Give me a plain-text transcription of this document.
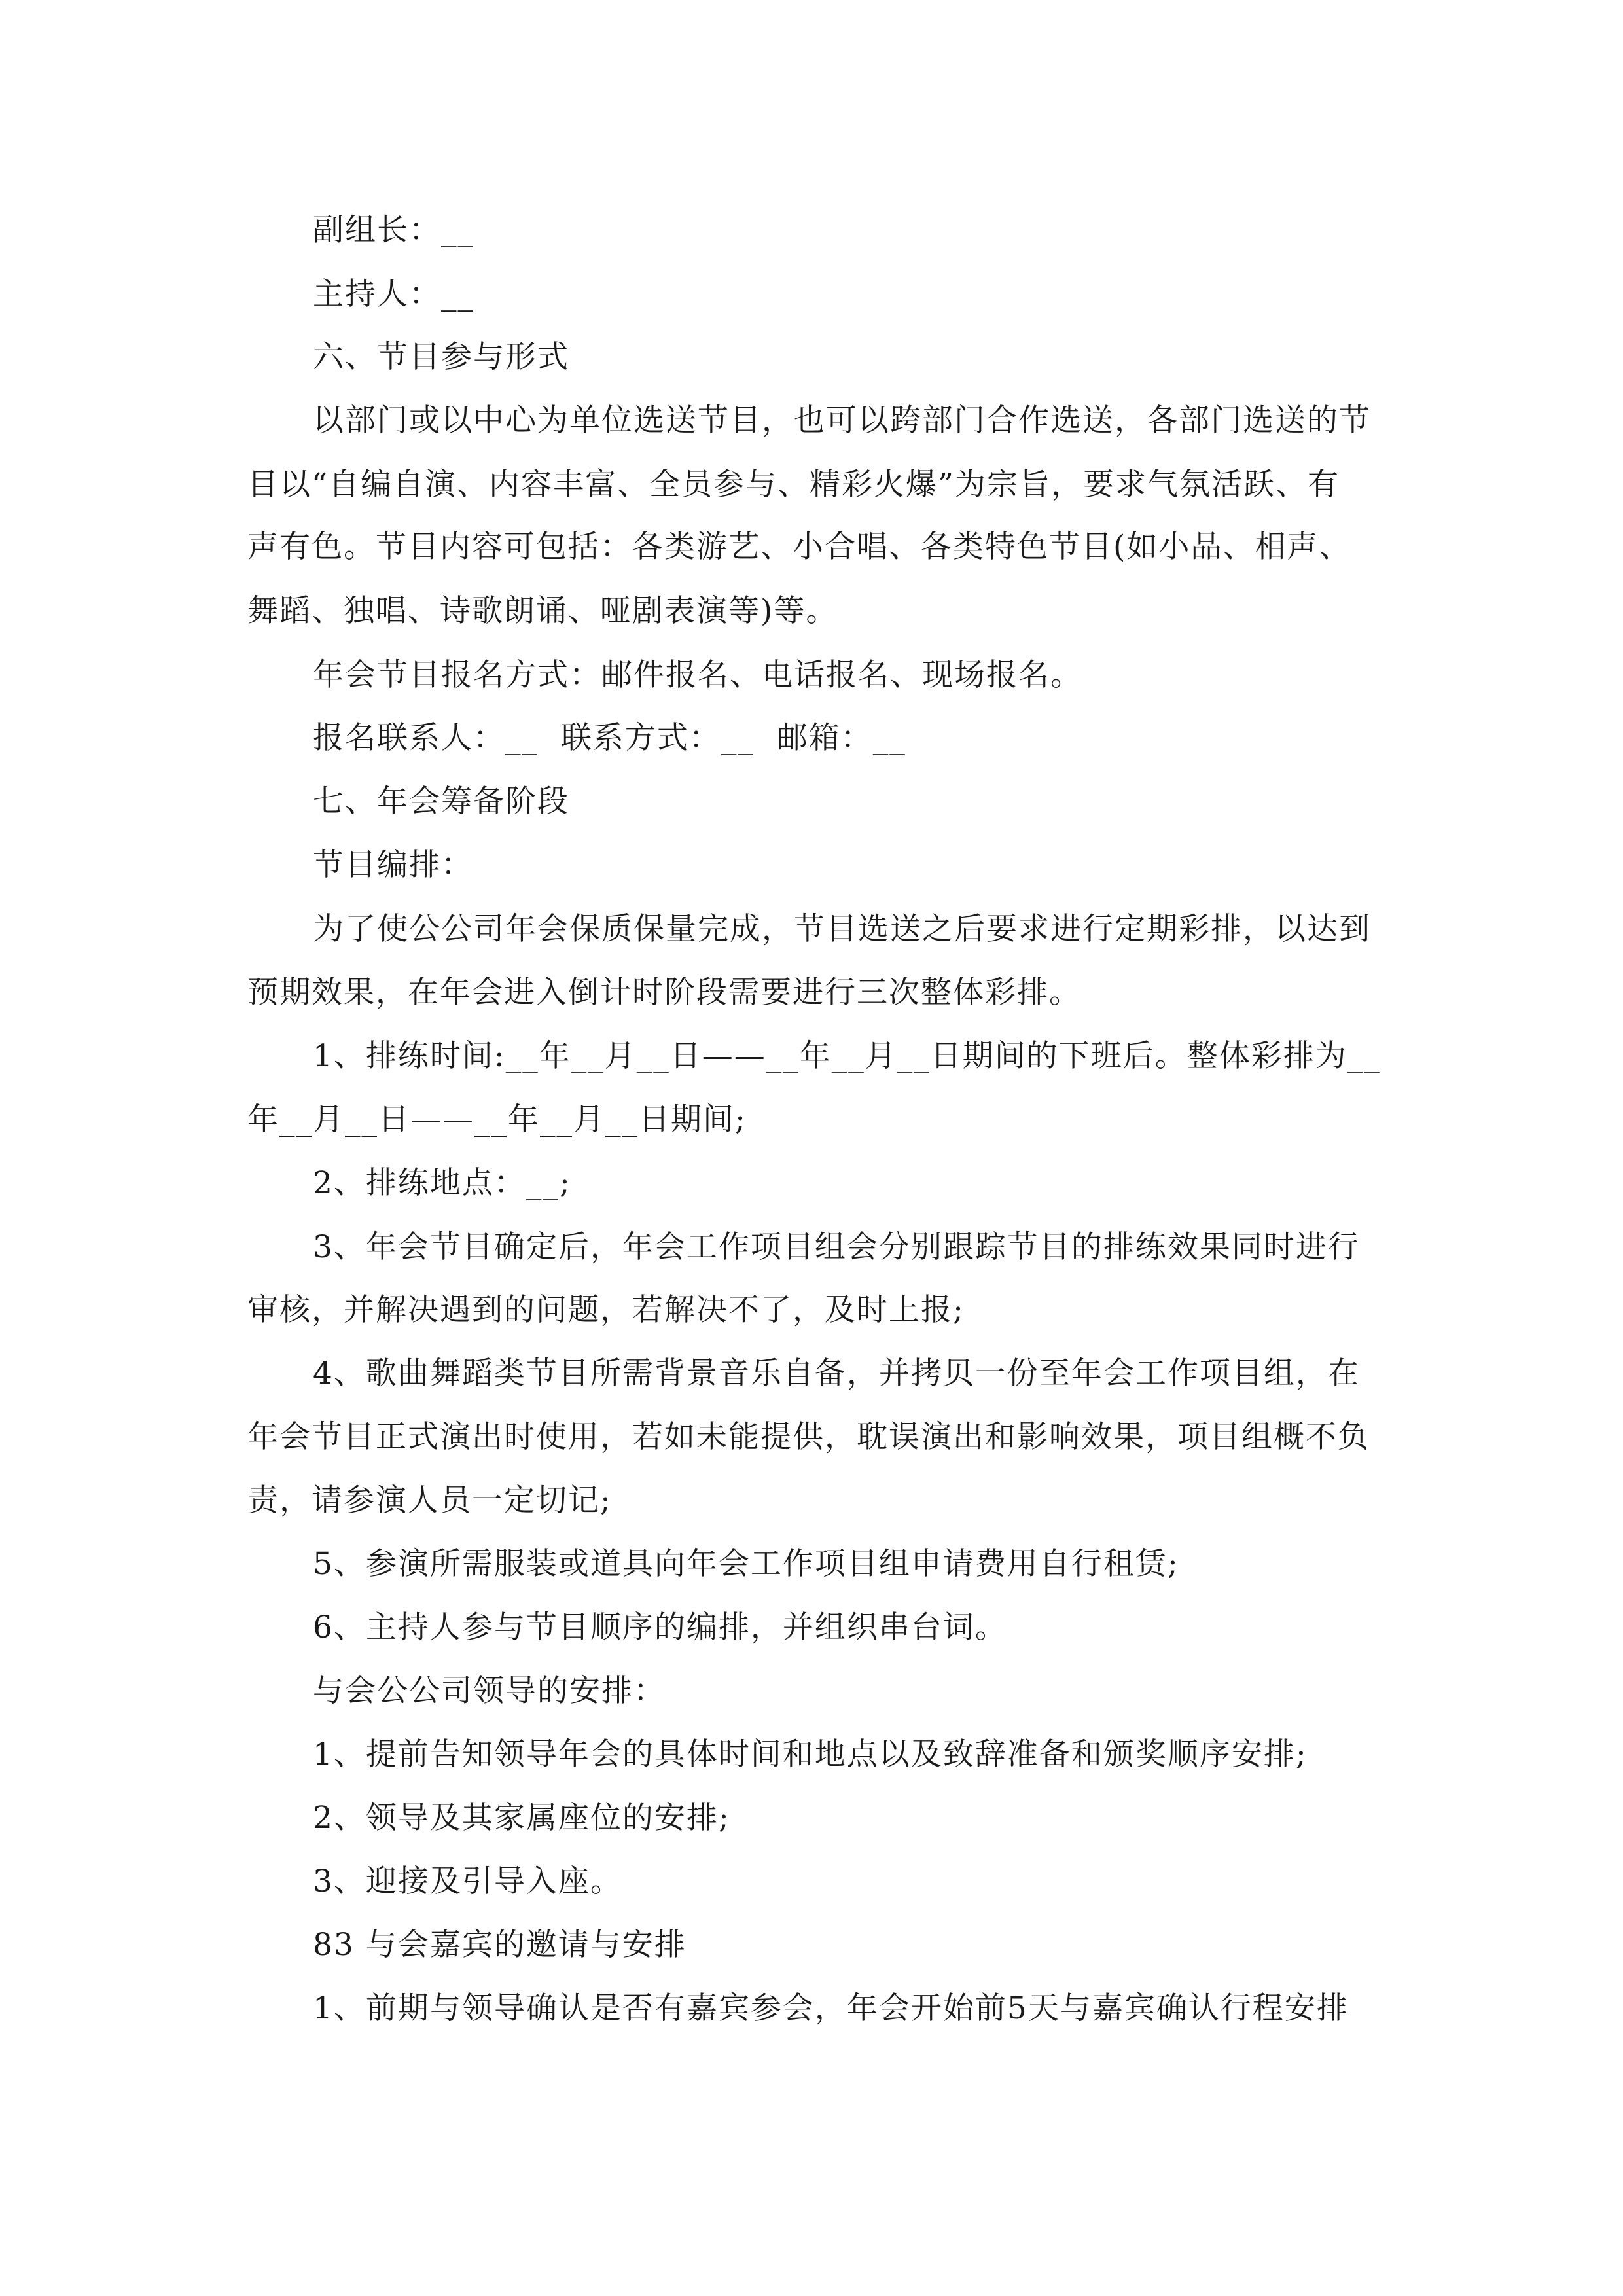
副组长：__
主持人：__
六、节目参与形式
以部门或以中心为单位选送节目，也可以跨部门合作选送，各部门选送的节
目以“自编自演、内容丰富、全员参与、精彩火爆”为宗旨，要求气氛活跃、有
声有色。节目内容可包括：各类游艺、小合唱、各类特色节目(如小品、相声、
舞蹈、独唱、诗歌朗诵、哑剧表演等)等。
年会节目报名方式：邮件报名、电话报名、现场报名。
报名联系人：__  联系方式：__  邮箱：__
七、年会筹备阶段
节目编排：
为了使公公司年会保质保量完成，节目选送之后要求进行定期彩排，以达到
预期效果，在年会进入倒计时阶段需要进行三次整体彩排。
1、排练时间:__年__月__日——__年__月__日期间的下班后。整体彩排为__
年__月__日——__年__月__日期间;
2、排练地点：__;
3、年会节目确定后，年会工作项目组会分别跟踪节目的排练效果同时进行
审核，并解决遇到的问题，若解决不了，及时上报;
4、歌曲舞蹈类节目所需背景音乐自备，并拷贝一份至年会工作项目组，在
年会节目正式演出时使用，若如未能提供，耽误演出和影响效果，项目组概不负
责，请参演人员一定切记;
5、参演所需服装或道具向年会工作项目组申请费用自行租赁;
6、主持人参与节目顺序的编排，并组织串台词。
与会公公司领导的安排：
1、提前告知领导年会的具体时间和地点以及致辞准备和颁奖顺序安排;
2、领导及其家属座位的安排;
3、迎接及引导入座。
83 与会嘉宾的邀请与安排
1、前期与领导确认是否有嘉宾参会，年会开始前5天与嘉宾确认行程安排
